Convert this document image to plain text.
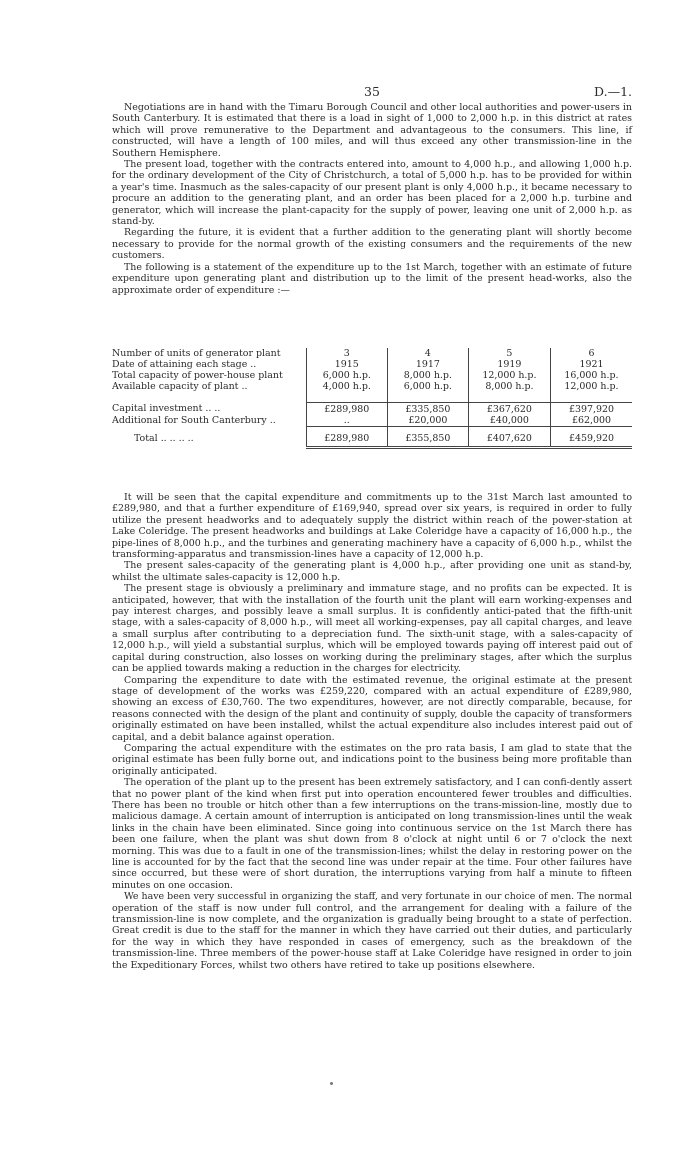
35	D.—1.

Negotiations are in hand with the Timaru Borough Council and other local authorities and power-users in South Canterbury. It is estimated that there is a load in sight of 1,000 to 2,000 h.p. in this district at rates which will prove remunerative to the Department and advantageous to the consumers. This line, if constructed, will have a length of 100 miles, and will thus exceed any other transmission-line in the Southern Hemisphere.

The present load, together with the contracts entered into, amount to 4,000 h.p., and allowing 1,000 h.p. for the ordinary development of the City of Christchurch, a total of 5,000 h.p. has to be provided for within a year's time. Inasmuch as the sales-capacity of our present plant is only 4,000 h.p., it became necessary to procure an addition to the generating plant, and an order has been placed for a 2,000 h.p. turbine and generator, which will increase the plant-capacity for the supply of power, leaving one unit of 2,000 h.p. as stand-by.

Regarding the future, it is evident that a further addition to the generating plant will shortly become necessary to provide for the normal growth of the existing consumers and the requirements of the new customers.

The following is a statement of the expenditure up to the 1st March, together with an estimate of future expenditure upon generating plant and distribution up to the limit of the present head-works, also the approximate order of expenditure :—

Number of units of generator plant	3	4	5	6
Date of attaining each stage ..	1915	1917	1919	1921
Total capacity of power-house plant	6,000 h.p.	8,000 h.p.	12,000 h.p.	16,000 h.p.
Available capacity of plant ..	4,000 h.p.	6,000 h.p.	8,000 h.p.	12,000 h.p.

Capital investment .. ..	£289,980	£335,850	£367,620	£397,920
Additional for South Canterbury ..	..	£20,000	£40,000	£62,000
Total .. .. .. ..	£289,980	£355,850	£407,620	£459,920

It will be seen that the capital expenditure and commitments up to the 31st March last amounted to £289,980, and that a further expenditure of £169,940, spread over six years, is required in order to fully utilize the present headworks and to adequately supply the district within reach of the power-station at Lake Coleridge. The present headworks and buildings at Lake Coleridge have a capacity of 16,000 h.p., the pipe-lines of 8,000 h.p., and the turbines and generating machinery have a capacity of 6,000 h.p., whilst the transforming-apparatus and transmission-lines have a capacity of 12,000 h.p.

The present sales-capacity of the generating plant is 4,000 h.p., after providing one unit as stand-by, whilst the ultimate sales-capacity is 12,000 h.p.

The present stage is obviously a preliminary and immature stage, and no profits can be expected. It is anticipated, however, that with the installation of the fourth unit the plant will earn working-expenses and pay interest charges, and possibly leave a small surplus. It is confidently antici-pated that the fifth-unit stage, with a sales-capacity of 8,000 h.p., will meet all working-expenses, pay all capital charges, and leave a small surplus after contributing to a depreciation fund. The sixth-unit stage, with a sales-capacity of 12,000 h.p., will yield a substantial surplus, which will be employed towards paying off interest paid out of capital during construction, also losses on working during the preliminary stages, after which the surplus can be applied towards making a reduction in the charges for electricity.

Comparing the expenditure to date with the estimated revenue, the original estimate at the present stage of development of the works was £259,220, compared with an actual expenditure of £289,980, showing an excess of £30,760. The two expenditures, however, are not directly comparable, because, for reasons connected with the design of the plant and continuity of supply, double the capacity of transformers originally estimated on have been installed, whilst the actual expenditure also includes interest paid out of capital, and a debit balance against operation.

Comparing the actual expenditure with the estimates on the pro rata basis, I am glad to state that the original estimate has been fully borne out, and indications point to the business being more profitable than originally anticipated.

The operation of the plant up to the present has been extremely satisfactory, and I can confi-dently assert that no power plant of the kind when first put into operation encountered fewer troubles and difficulties. There has been no trouble or hitch other than a few interruptions on the trans-mission-line, mostly due to malicious damage. A certain amount of interruption is anticipated on long transmission-lines until the weak links in the chain have been eliminated. Since going into continuous service on the 1st March there has been one failure, when the plant was shut down from 8 o'clock at night until 6 or 7 o'clock the next morning. This was due to a fault in one of the transmission-lines; whilst the delay in restoring power on the line is accounted for by the fact that the second line was under repair at the time. Four other failures have since occurred, but these were of short duration, the interruptions varying from half a minute to fifteen minutes on one occasion.

We have been very successful in organizing the staff, and very fortunate in our choice of men. The normal operation of the staff is now under full control, and the arrangement for dealing with a failure of the transmission-line is now complete, and the organization is gradually being brought to a state of perfection. Great credit is due to the staff for the manner in which they have carried out their duties, and particularly for the way in which they have responded in cases of emergency, such as the breakdown of the transmission-line. Three members of the power-house staff at Lake Coleridge have resigned in order to join the Expeditionary Forces, whilst two others have retired to take up positions elsewhere.
